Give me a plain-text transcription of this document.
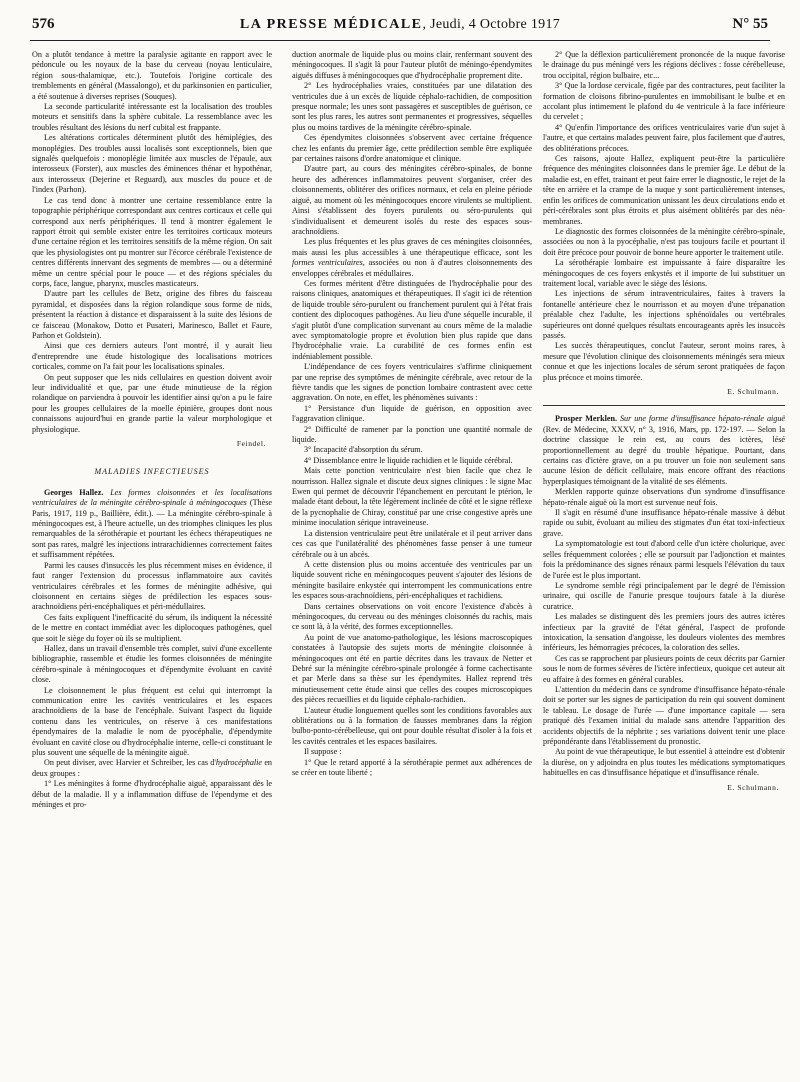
576	LA PRESSE MÉDICALE, Jeudi, 4 Octobre 1917	N° 55

On a plutôt tendance à mettre la paralysie agitante en rapport avec le pédoncule ou les noyaux de la base du cerveau (noyau lenticulaire, région sous-thalamique, etc.). Toutefois l'origine corticale des tremblements en général (Massalongo), et du parkinsonien en particulier, a été soutenue à diverses reprises (Souques).

La seconde particularité intéressante est la localisation des troubles moteurs et sensitifs dans la sphère cubitale. La ressemblance avec les troubles résultant des lésions du nerf cubital est frappante.

Les altérations corticales déterminent plutôt des hémiplégies, des monoplégies. Des troubles aussi localisés sont exceptionnels, bien que signalés quelquefois : monoplégie limitée aux muscles de l'épaule, aux interosseux (Forster), aux muscles des éminences thénar et hypothénar, aux interosseux (Dejerine et Reguard), aux muscles du pouce et de l'index (Parhon).

Le cas tend donc à montrer une certaine ressemblance entre la topographie périphérique correspondant aux centres corticaux et celle qui correspond aux nerfs périphériques. Il tend à montrer également le rapport étroit qui semble exister entre les territoires corticaux moteurs d'une certaine région et les territoires sensitifs de la même région. On sait que les physiologistes ont pu montrer sur l'écorce cérébrale l'existence de centres différents innervant des segments de membres — ou a déterminé même un centre spécial pour le pouce — et des régions spéciales du corps, face, langue, pharynx, muscles masticateurs.

D'autre part les cellules de Betz, origine des fibres du faisceau pyramidal, et disposées dans la région rolandique sous forme de nids, présentent la réaction à distance et disparaissent à la suite des lésions de ce faisceau (Monakow, Dotto et Pusateri, Marinesco, Ballet et Faure, Parhon et Goldstein).

Ainsi que ces derniers auteurs l'ont montré, il y aurait lieu d'entreprendre une étude histologique des localisations motrices corticales, comme on l'a fait pour les localisations spinales.

On peut supposer que les nids cellulaires en question doivent avoir leur individualité et que, par une étude minutieuse de la région rolandique on parviendra à pouvoir les identifier ainsi qu'on a pu le faire pour les groupes cellulaires de la moelle épinière, groupes dont nous connaissons aujourd'hui en grande partie la valeur morphologique et physiologique.

Feindel.
MALADIES INFECTIEUSES

Georges Hallez. Les formes cloisonnées et les localisations ventriculaires de la méningite cérébro-spinale à méningocoques (Thèse Paris, 1917, 119 p., Baillière, édit.). — La méningite cérébro-spinale à méningocoques est, à l'heure actuelle, un des triomphes cliniques les plus remarquables de la sérothérapie et pourtant les échecs thérapeutiques ne sont pas rares, malgré les injections intrarachidiennes correctement faites et suffisamment répétées.

Parmi les causes d'insuccès les plus récemment mises en évidence, il faut ranger l'extension du processus inflammatoire aux cavités ventriculaires cérébrales et les formes de méningite adhésive, qui cloisonnent en certains sièges de prédilection les espaces sous-arachnoïdiens péri-encéphaliques et péri-médullaires.

Ces faits expliquent l'inefficacité du sérum, ils indiquent la nécessité de le mettre en contact immédiat avec les diplocoques pathogènes, quel que soit le siège du foyer où ils se multiplient.

Hallez, dans un travail d'ensemble très complet, suivi d'une excellente bibliographie, rassemble et étudie les formes cloisonnées de méningite cérébro-spinale à méningocoques et d'épendymite évoluant en cavité close.

Le cloisonnement le plus fréquent est celui qui interrompt la communication entre les cavités ventriculaires et les espaces arachnoïdiens de la base de l'encéphale. Suivant l'aspect du liquide contenu dans les ventricules, on réserve à ces manifestations épendymaires de la maladie le nom de pyocéphalie, d'épendymite évoluant en cavité close ou d'hydrocéphalie interne, celle-ci constituant le plus souvent une séquelle de la méningite aiguë.

On peut diviser, avec Harvier et Schreiber, les cas d'hydrocéphalie en deux groupes :

1° Les méningites à forme d'hydrocéphalie aiguë, apparaissant dès le début de la maladie. Il y a inflammation diffuse de l'épendyme et des méninges et pro-

duction anormale de liquide plus ou moins clair, renfermant souvent des méningocoques. Il s'agit là pour l'auteur plutôt de méningo-épendymites aiguës diffuses à méningocoques que d'hydrocéphalie proprement dite.

2° Les hydrocéphalies vraies, constituées par une dilatation des ventricules due à un excès de liquide céphalo-rachidien, de composition presque normale; les unes sont passagères et susceptibles de guérison, ce sont les plus rares, les autres sont permanentes et progressives, séquelles plus ou moins tardives de la méningite cérébro-spinale.

Ces épendymites cloisonnées s'observent avec certaine fréquence chez les enfants du premier âge, cette prédilection semble être expliquée par certaines raisons d'ordre anatomique et clinique.

D'autre part, au cours des méningites cérébro-spinales, de bonne heure des adhérences inflammatoires peuvent s'organiser, créer des cloisonnements, oblitérer des orifices normaux, et cela en pleine période aiguë, au moment où les méningocoques encore virulents se multiplient. Ainsi s'établissent des foyers purulents ou séro-purulents qui s'individualisent et demeurent isolés du reste des espaces sous-arachnoïdiens.

Les plus fréquentes et les plus graves de ces méningites cloisonnées, mais aussi les plus accessibles à une thérapeutique efficace, sont les formes ventriculaires, associées ou non à d'autres cloisonnements des enveloppes cérébrales et médullaires.

Ces formes méritent d'être distinguées de l'hydrocéphalie pour des raisons cliniques, anatomiques et thérapeutiques. Il s'agit ici de rétention de liquide trouble séro-purulent ou franchement purulent qui à l'état frais contient des diplocoques pathogènes. Au lieu d'une séquelle incurable, il s'agit plutôt d'une complication survenant au cours même de la maladie avec symptomatologie propre et évolution bien plus rapide que dans l'hydrocéphalie vraie. La curabilité de ces formes enfin est indéniablement possible.

L'indépendance de ces foyers ventriculaires s'affirme cliniquement par une reprise des symptômes de méningite cérébrale, avec retour de la fièvre tandis que les signes de ponction lombaire contrastent avec cette aggravation. On note, en effet, les phénomènes suivants :

1° Persistance d'un liquide de guérison, en opposition avec l'aggravation clinique.

2° Difficulté de ramener par la ponction une quantité normale de liquide.

3° Incapacité d'absorption du sérum.

4° Dissemblance entre le liquide rachidien et le liquide cérébral.

Mais cette ponction ventriculaire n'est bien facile que chez le nourrisson. Hallez signale et discute deux signes cliniques : le signe Mac Ewen qui permet de découvrir l'épanchement en percutant le ptérion, le malade étant debout, la tête légèrement inclinée de côté et le signe réflexe de la pycnophalie de Chiray, constitué par une crise congestive après une minime inoculation sérique intraveineuse.

La distension ventriculaire peut être unilatérale et il peut arriver dans ces cas que l'unilatéralité des phénomènes fasse penser à une tumeur cérébrale ou à un abcès.

A cette distension plus ou moins accentuée des ventricules par un liquide souvent riche en méningocoques peuvent s'ajouter des lésions de méningite basilaire enkystée qui interrompent les communications entre les espaces sous-arachnoïdiens, péri-encéphaliques et rachidiens.

Dans certaines observations on voit encore l'existence d'abcès à méningocoques, du cerveau ou des méninges cloisonnés du rachis, mais ce sont là, à la vérité, des formes exceptionnelles.

Au point de vue anatomo-pathologique, les lésions macroscopiques constatées à l'autopsie des sujets morts de méningite cloisonnée à méningocoques ont été en partie décrites dans les travaux de Netter et Debré sur la méningite cérébro-spinale prolongée à forme cachectisante et par Merle dans sa thèse sur les épendymites. Hallez reprend très minutieusement cette étude ainsi que celles des coupes microscopiques des pièces recueillies et du liquide céphalo-rachidien.

L'auteur étudie longuement quelles sont les conditions favorables aux oblitérations ou à la formation de fausses membranes dans la région bulbo-ponto-cérébelleuse, qui ont pour double résultat d'isoler à la fois et les cavités centrales et les espaces basilaires.

Il suppose :

1° Que le retard apporté à la sérothérapie permet aux adhérences de se créer en toute liberté ;

2° Que la déflexion particulièrement prononcée de la nuque favorise le drainage du pus méningé vers les régions déclives : fosse cérébelleuse, trou occipital, région bulbaire, etc...

3° Que la lordose cervicale, figée par des contractures, peut faciliter la formation de cloisons fibrino-purulentes en immobilisant le bulbe et en accolant plus intimement le plafond du 4e ventricule à la face inférieure du cervelet ;

4° Qu'enfin l'importance des orifices ventriculaires varie d'un sujet à l'autre, et que certains malades peuvent faire, plus facilement que d'autres, des oblitérations précoces.

Ces raisons, ajoute Hallez, expliquent peut-être la particulière fréquence des méningites cloisonnées dans le premier âge. Le début de la maladie est, en effet, trainant et peut faire errer le diagnostic, le rejet de la tête en arrière et la crampe de la nuque y sont particulièrement intenses, enfin les orifices de communication unissant les deux circulations endo et péri-cérébrales sont plus étroits et plus aisément oblitérés par des néo-membranes.

Le diagnostic des formes cloisonnées de la méningite cérébro-spinale, associées ou non à la pyocéphalie, n'est pas toujours facile et pourtant il doit être précoce pour pouvoir de bonne heure apporter le traitement utile.

La sérothérapie lombaire est impuissante à faire disparaître les méningocoques de ces foyers enkystés et il importe de lui substituer un traitement local, variable avec le siège des lésions.

Les injections de sérum intraventriculaires, faites à travers la fontanelle antérieure chez le nourrisson et au moyen d'une trépanation préalable chez l'adulte, les injections sphénoïdales ou vertébrales supérieures ont donné quelques résultats encourageants après les insuccès passés.

Les succès thérapeutiques, conclut l'auteur, seront moins rares, à mesure que l'évolution clinique des cloisonnements méningés sera mieux connue et que les injections locales de sérum seront pratiquées de façon plus précoce et moins timorée.

E. Schulmann.

Prosper Merklen. Sur une forme d'insuffisance hépato-rénale aiguë (Rev. de Médecine, XXXV, n° 3, 1916, Mars, pp. 172-197. — Selon la doctrine classique le rein est, au cours des ictères, lésé proportionnellement au degré du trouble hépatique. Pourtant, dans certains cas d'ictère grave, on a pu trouver un foie non seulement sans aucune lésion de déficit cellulaire, mais encore offrant des réactions hyperplasiques témoignant de la vitalité de ses éléments.

Merklen rapporte quinze observations d'un syndrome d'insuffisance hépato-rénale aiguë où la mort est survenue neuf fois.

Il s'agit en résumé d'une insuffisance hépato-rénale massive à début rapide ou subit, évoluant au milieu des stigmates d'un état toxi-infectieux grave.

La symptomatologie est tout d'abord celle d'un ictère cholurique, avec selles fréquemment colorées ; elle se poursuit par l'adjonction et maintes fois la prédominance des signes rénaux parmi lesquels l'élévation du taux de l'urée est le plus important.

Le syndrome semble régi principalement par le degré de l'émission urinaire, qui oscille de l'anurie presque toujours fatale à la diurèse curatrice.

Les malades se distinguent dès les premiers jours des autres ictères infectieux par la gravité de l'état général, l'aspect de profonde intoxication, la sensation d'angoisse, les douleurs violentes des membres inférieurs, les hémorragies précoces, la coloration des selles.

Ces cas se rapprochent par plusieurs points de ceux décrits par Garnier sous le nom de formes sévères de l'ictère infectieux, quoique cet auteur ait eu affaire à des formes en général curables.

L'attention du médecin dans ce syndrome d'insuffisance hépato-rénale doit se porter sur les signes de participation du rein qui souvent dominent le tableau. Le dosage de l'urée — d'une importance capitale — sera pratiqué dès l'examen initial du malade sans attendre l'apparition des accidents objectifs de la néphrite ; ses variations doivent tenir une place prépondérante dans l'établissement du pronostic.

Au point de vue thérapeutique, le but essentiel à atteindre est d'obtenir la diurèse, on y adjoindra en plus toutes les médications symptomatiques habituelles en cas d'insuffisance hépatique et d'insuffisance rénale.

E. Schulmann.
